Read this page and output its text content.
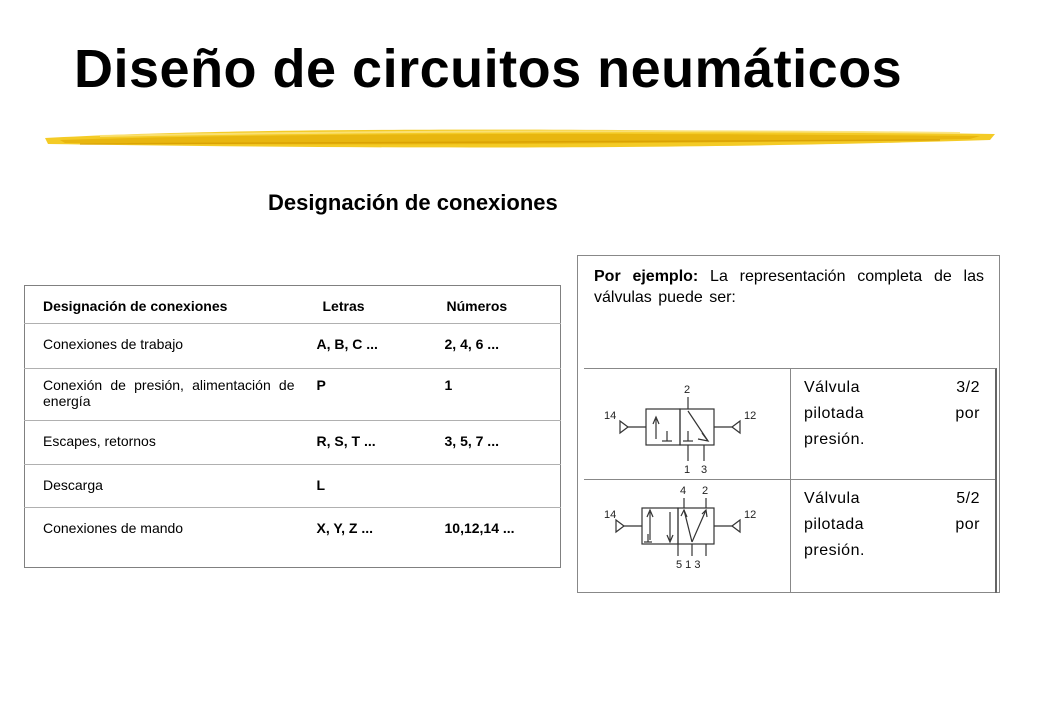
Diseño de circuitos neumáticos
Designación de conexiones
Designación de conexiones	Letras	Números
Conexiones de trabajo	A, B, C ...	2, 4, 6 ...
Conexión de presión, alimentación de energía	P	1
Escapes, retornos	R, S, T ...	3, 5, 7 ...
Descarga	L	
Conexiones de mando	X, Y, Z ...	10,12,14 ...
Por ejemplo: La representación completa de las válvulas puede ser:
14	12
2
1 3
Válvula	3/2
pilotada	por
presión.
4 2
14	12
5 1 3
Válvula	5/2
pilotada	por
presión.
